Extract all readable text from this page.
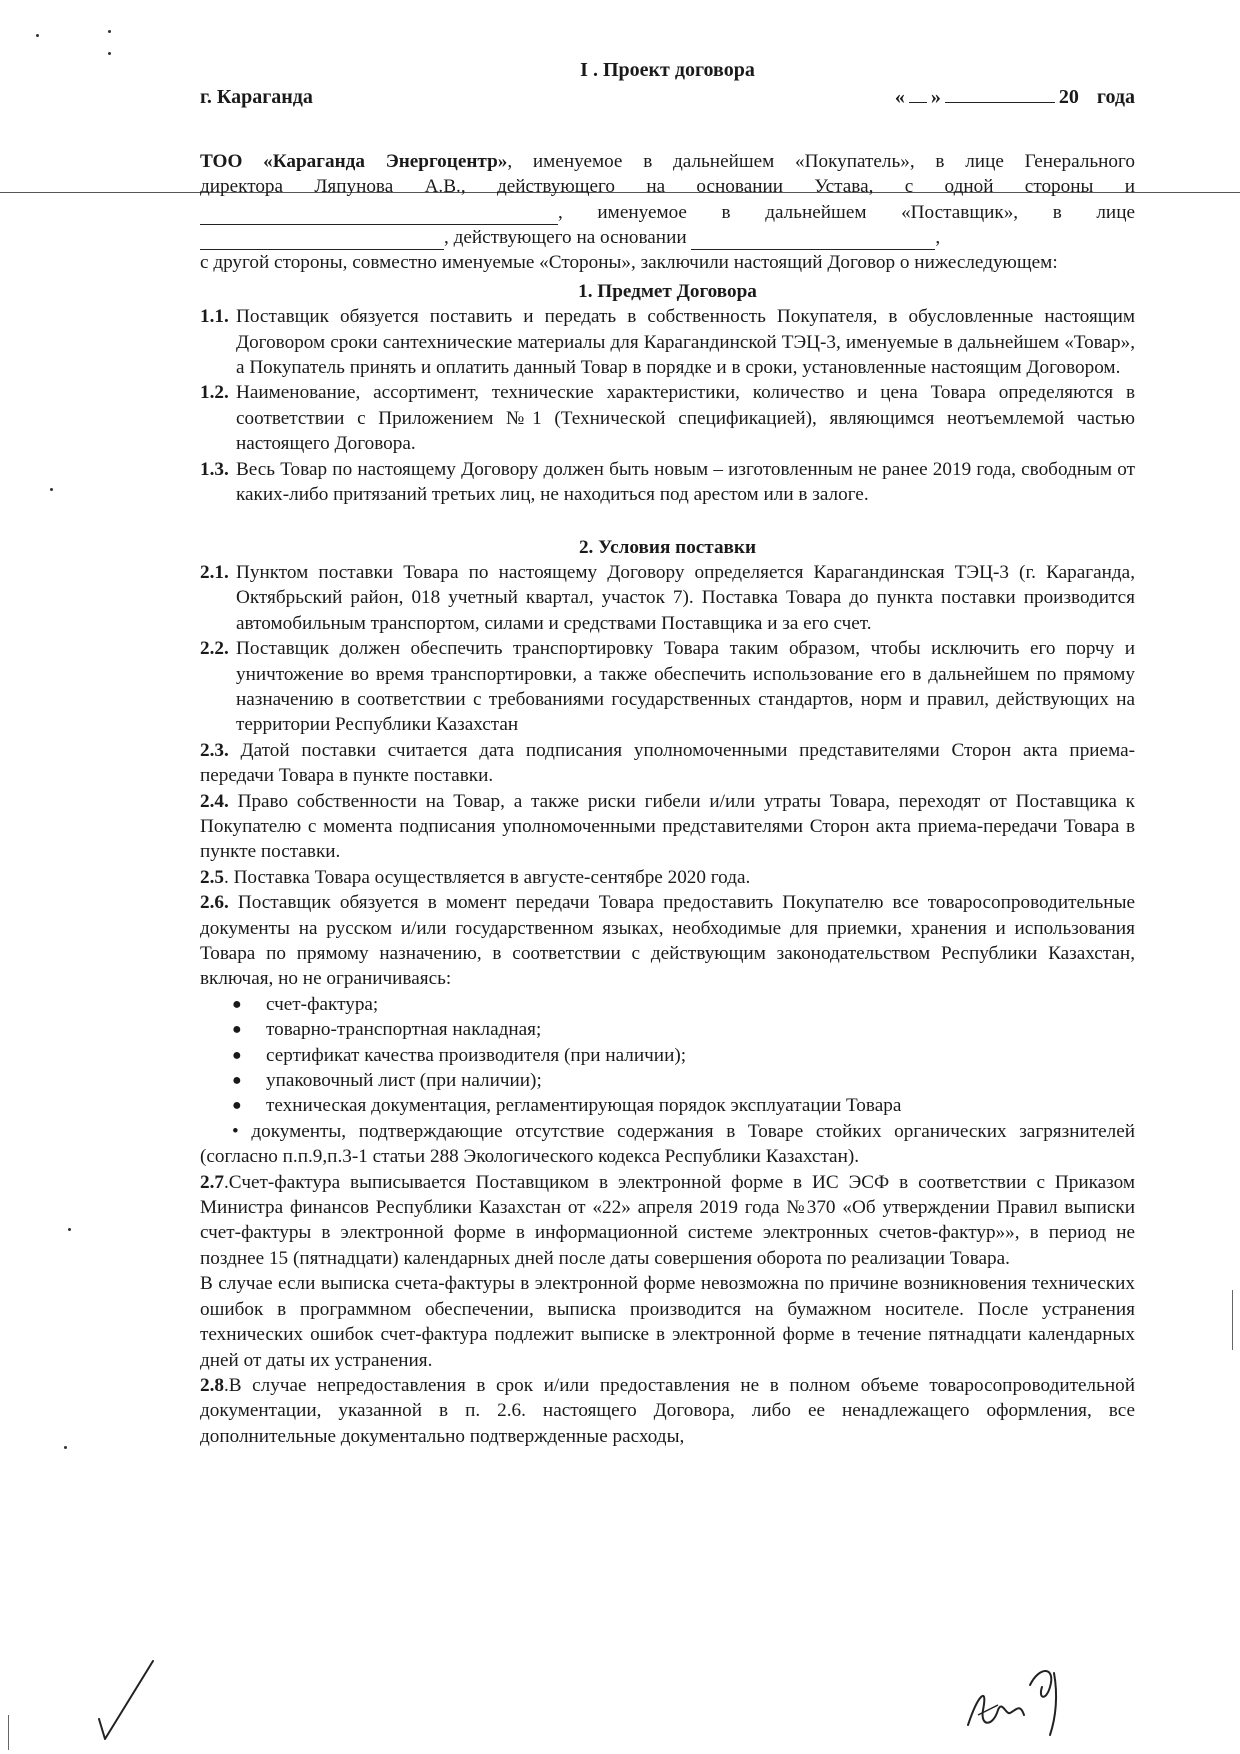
I . Проект договора
г. Караганда	« »	20
года

ТОО «Караганда Энергоцентр», именуемое в дальнейшем «Покупатель», в лице Генерального

директора Ляпунова А.В., действующего на основании Устава, с одной стороны и

, именуемое в дальнейшем «Поставщик», в лице

, действующего на основании	,

с другой стороны, совместно именуемые «Стороны», заключили настоящий Договор о нижеследующем:

1. Предмет Договора
1.1. Поставщик обязуется поставить и передать в собственность Покупателя, в обусловленные настоящим Договором сроки сантехнические материалы для Карагандинской ТЭЦ-3, именуемые в дальнейшем «Товар», а Покупатель принять и оплатить данный Товар в порядке и в сроки, установленные настоящим Договором.
1.2. Наименование, ассортимент, технические характеристики, количество и цена Товара определяются в соответствии с Приложением №1 (Технической спецификацией), являющимся неотъемлемой частью настоящего Договора.
1.3. Весь Товар по настоящему Договору должен быть новым – изготовленным не ранее 2019 года, свободным от каких-либо притязаний третьих лиц, не находиться под арестом или в залоге.
2. Условия поставки
2.1. Пунктом поставки Товара по настоящему Договору определяется Карагандинская ТЭЦ-3 (г. Караганда, Октябрьский район, 018 учетный квартал, участок 7). Поставка Товара до пункта поставки производится автомобильным транспортом, силами и средствами Поставщика и за его счет.
2.2. Поставщик должен обеспечить транспортировку Товара таким образом, чтобы исключить его порчу и уничтожение во время транспортировки, а также обеспечить использование его в дальнейшем по прямому назначению в соответствии с требованиями государственных стандартов, норм и правил, действующих на территории Республики Казахстан

2.3. Датой поставки считается дата подписания уполномоченными представителями Сторон акта приема-передачи Товара в пункте поставки.

2.4. Право собственности на Товар, а также риски гибели и/или утраты Товара, переходят от Поставщика к Покупателю с момента подписания уполномоченными представителями Сторон акта приема-передачи Товара в пункте поставки.

2.5. Поставка Товара осуществляется в августе-сентябре 2020 года.

2.6. Поставщик обязуется в момент передачи Товара предоставить Покупателю все товаросопроводительные документы на русском и/или государственном языках, необходимые для приемки, хранения и использования Товара по прямому назначению, в соответствии с действующим законодательством Республики Казахстан, включая, но не ограничиваясь:

●	счет-фактура;
●	товарно-транспортная накладная;
●	сертификат качества производителя (при наличии);
●	упаковочный лист (при наличии);
●	техническая документация, регламентирующая порядок эксплуатации Товара

• документы, подтверждающие отсутствие содержания в Товаре стойких органических загрязнителей (согласно п.п.9,п.3-1 статьи 288 Экологического кодекса Республики Казахстан).

2.7.Счет-фактура выписывается Поставщиком в электронной форме в ИС ЭСФ в соответствии с Приказом Министра финансов Республики Казахстан от «22» апреля 2019 года №370 «Об утверждении Правил выписки счет-фактуры в электронной форме в информационной системе электронных счетов-фактур»», в период не позднее 15 (пятнадцати) календарных дней после даты совершения оборота по реализации Товара.

В случае если выписка счета-фактуры в электронной форме невозможна по причине возникновения технических ошибок в программном обеспечении, выписка производится на бумажном носителе. После устранения технических ошибок счет-фактура подлежит выписке в электронной форме в течение пятнадцати календарных дней от даты их устранения.

2.8.В случае непредоставления в срок и/или предоставления не в полном объеме товаросопроводительной документации, указанной в п. 2.6. настоящего Договора, либо ее ненадлежащего оформления, все дополнительные документально подтвержденные расходы,
